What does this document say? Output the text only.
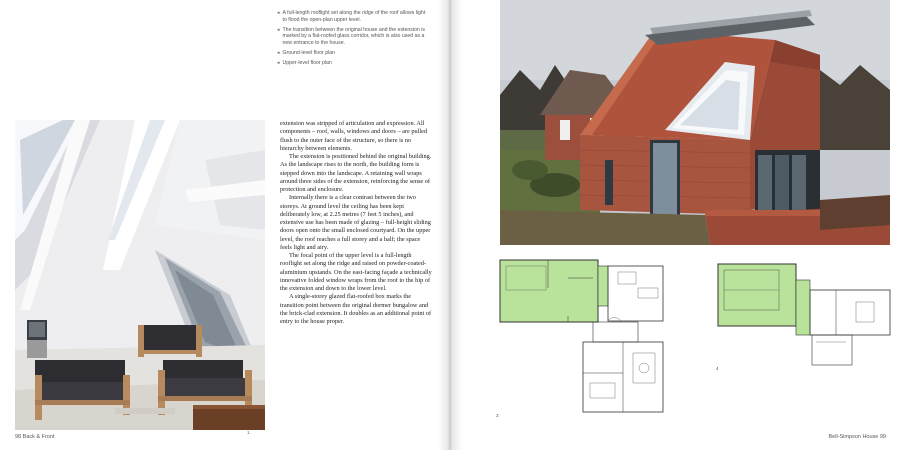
1
◂ A full-length rooflight set along the ridge of the roof allows light to flood the open-plan upper level.
◂ The transition between the original house and the extension is marked by a flat-roofed glass corridor, which is also used as a new entrance to the house.
◂ Ground-level floor plan
◂ Upper-level floor plan

extension was stripped of articulation and expression. All components – roof, walls, windows and doors – are pulled flush to the outer face of the structure, so there is no hierarchy between elements.

The extension is positioned behind the original building. As the landscape rises to the north, the building form is stepped down into the landscape. A retaining wall wraps around three sides of the extension, reinforcing the sense of protection and enclosure.

Internally there is a clear contrast between the two storeys. At ground level the ceiling has been kept deliberately low, at 2.25 metres (7 feet 5 inches), and extensive use has been made of glazing – full-height sliding doors open onto the small enclosed courtyard. On the upper level, the roof reaches a full storey and a half; the space feels light and airy.

The focal point of the upper level is a full-length rooflight set along the ridge and raised on powder-coated-aluminium upstands. On the east-facing façade a technically innovative folded window wraps from the roof to the hip of the extension and down to the lower level.

A single-storey glazed flat-roofed box marks the transition point between the original dormer bungalow and the brick-clad extension. It doubles as an additional point of entry to the house proper.

98 Back & Front
3
4
Bell-Simpson House 99
